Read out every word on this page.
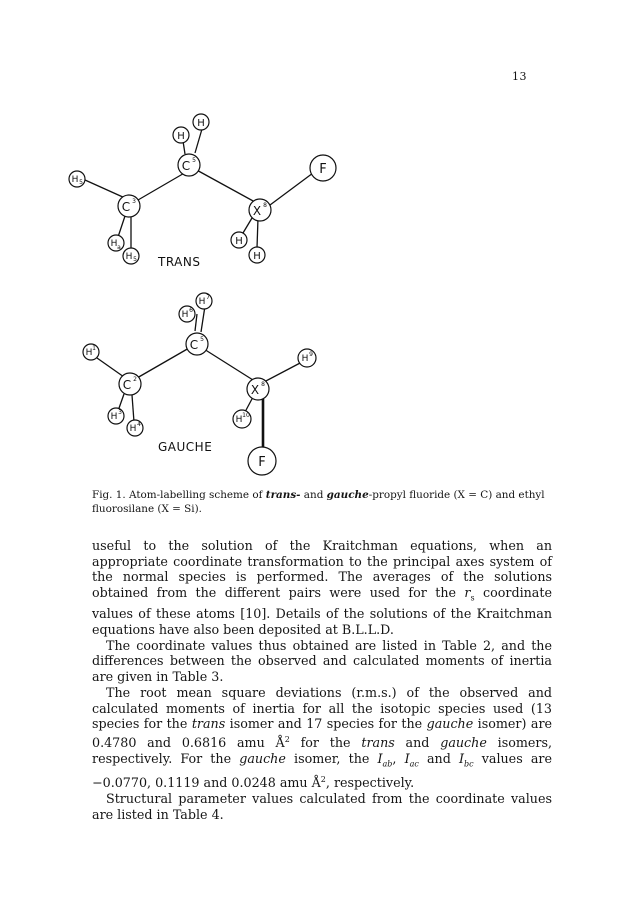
13
H
H
C 5
F
H 5
C 3
X 8
H a
H 5
H
H
TRANS
H 7
H 6
C 5
H 1
H 9
C 2
X 8
H 3
H 4	H 10
F
GAUCHE
Fig. 1. Atom-labelling scheme of trans- and gauche-propyl fluoride (X = C) and ethyl fluorosilane (X = Si).

useful to the solution of the Kraitchman equations, when an appropriate coordinate transformation to the principal axes system of the normal species is performed. The averages of the solutions obtained from the different pairs were used for the $r_s$ coordinate values of these atoms [10]. Details of the solutions of the Kraitchman equations have also been deposited at B.L.L.D.

The coordinate values thus obtained are listed in Table 2, and the differences between the observed and calculated moments of inertia are given in Table 3.

The root mean square deviations (r.m.s.) of the observed and calculated moments of inertia for all the isotopic species used (13 species for the trans isomer and 17 species for the gauche isomer) are 0.4780 and 0.6816 amu $Å^2$ for the trans and gauche isomers, respectively. For the gauche isomer, the $I_{ab}$, $I_{ac}$ and $I_{bc}$ values are −0.0770, 0.1119 and 0.0248 amu $Å^2$, respectively.

Structural parameter values calculated from the coordinate values are listed in Table 4.
